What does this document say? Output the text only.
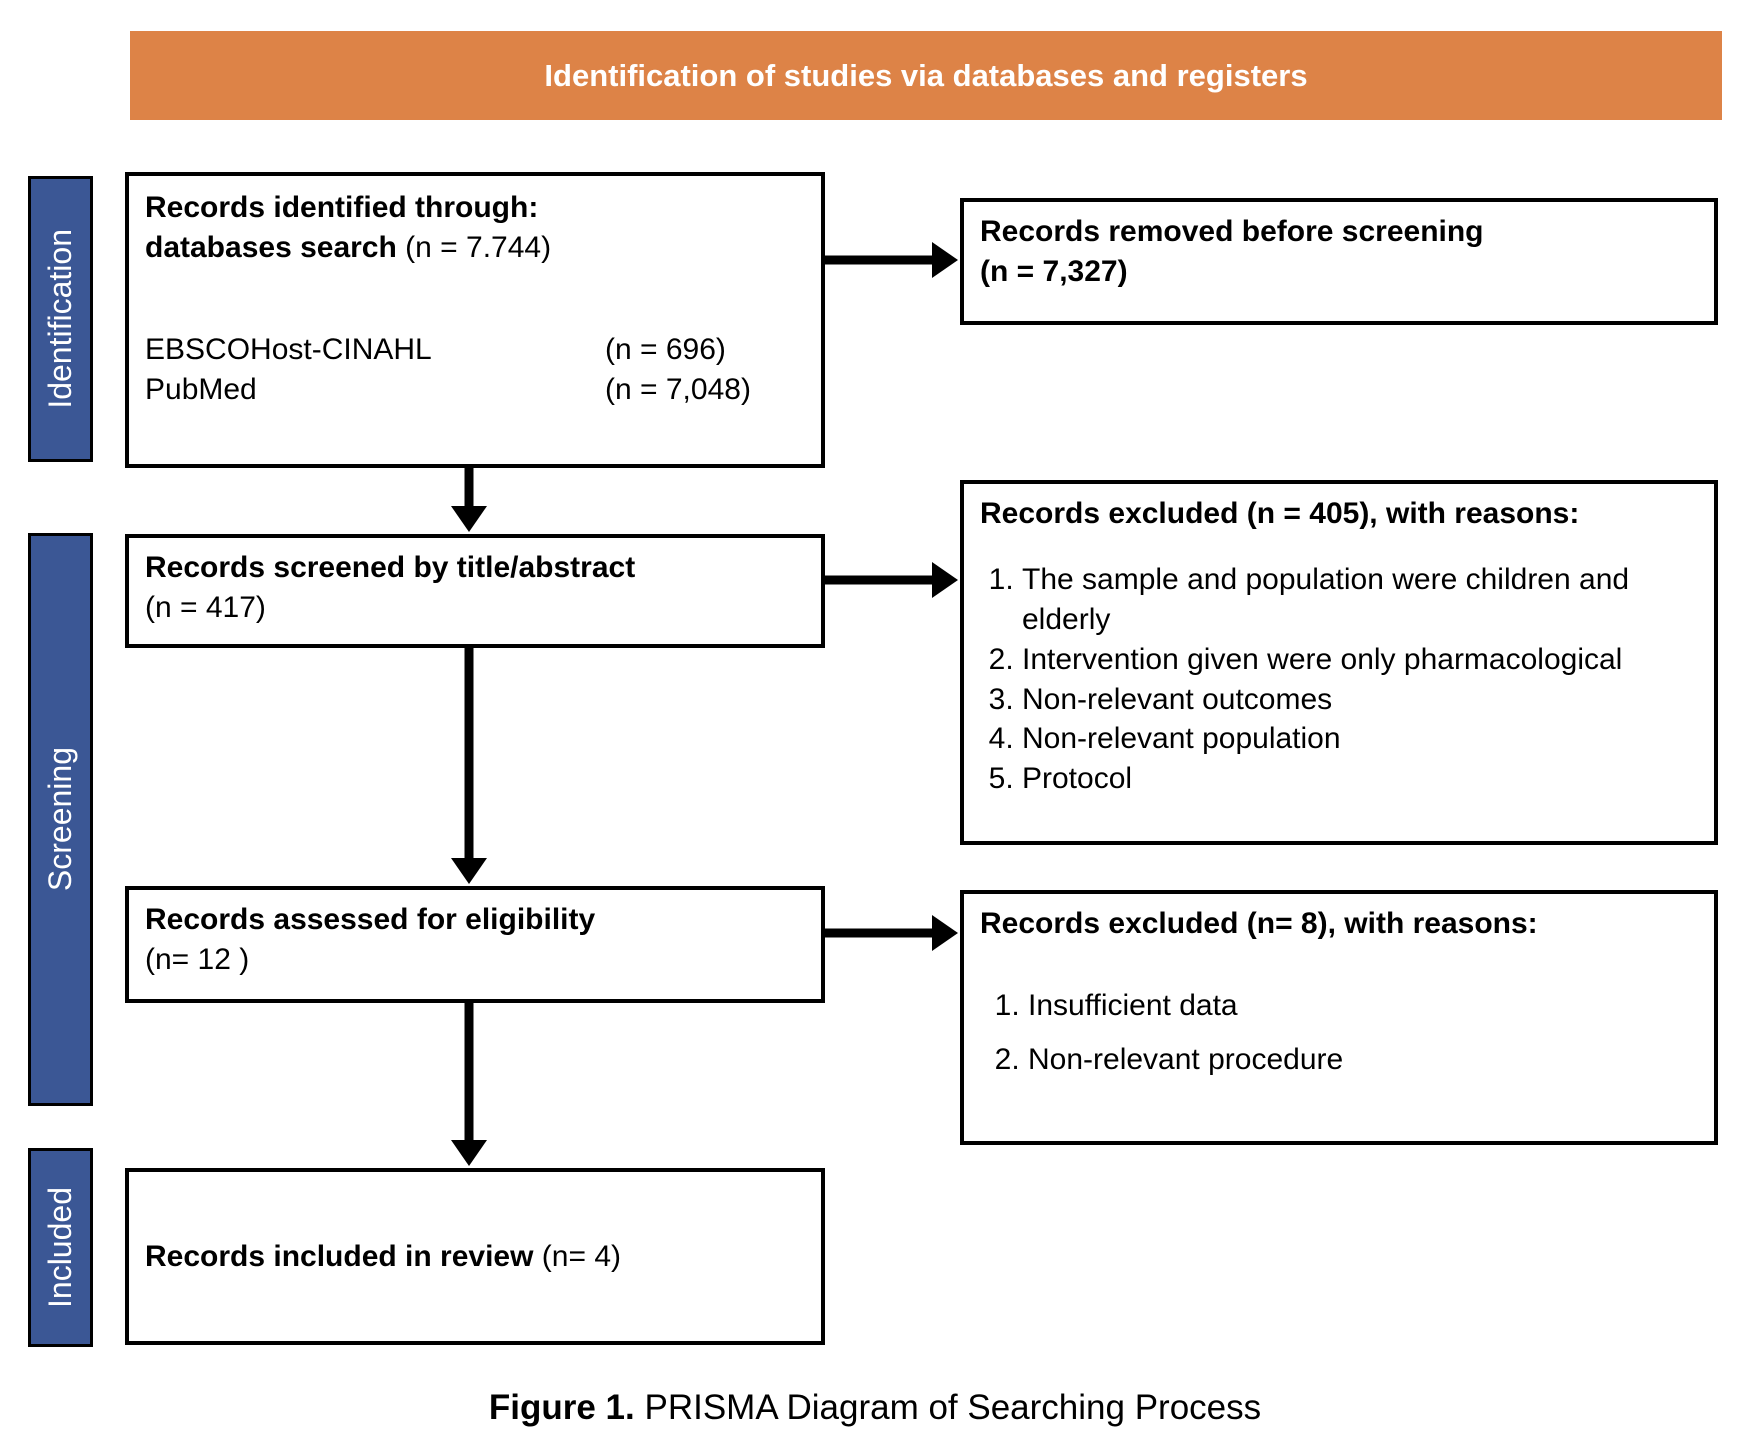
Identification of studies via databases and registers
Identification
Screening
Included
Records identified through:
databases search (n = 7.744)
EBSCOHost-CINAHL	(n = 696)
PubMed	(n = 7,048)
Records removed before screening
(n = 7,327)
Records screened by title/abstract
(n = 417)
Records excluded (n = 405), with reasons:
1. The sample and population were children and elderly
2. Intervention given were only pharmacological
3. Non-relevant outcomes
4. Non-relevant population
5. Protocol
Records assessed for eligibility
(n= 12 )
Records excluded (n= 8), with reasons:
1. Insufficient data
2. Non-relevant procedure
Records included in review (n= 4)
Figure 1. PRISMA Diagram of Searching Process
